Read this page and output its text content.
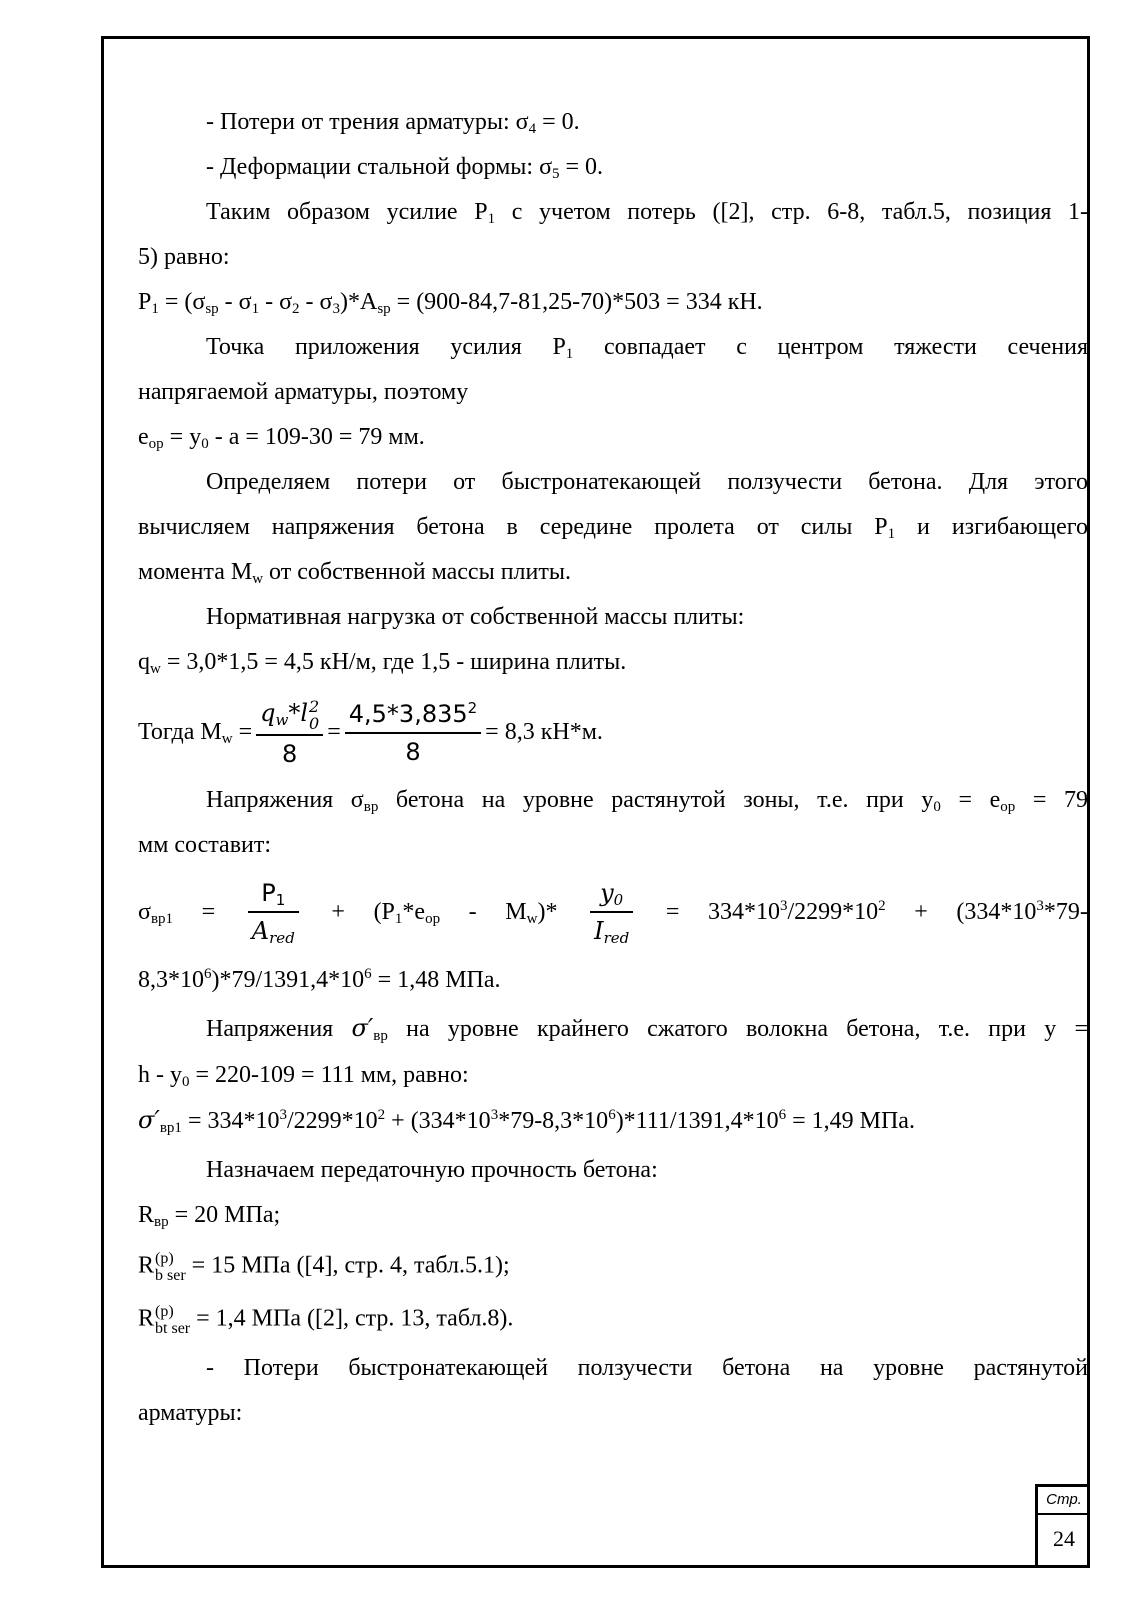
- Потери от трения арматуры: $\sigma_4 = 0$.
- Деформации стальной формы: $\sigma_5 = 0$.
Таким образом усилие $P_1$ с учетом потерь ([2], стр. 6-8, табл.5, позиция 1-
5) равно:
$P_1 = (\sigma_{sp} - \sigma_1 - \sigma_2 - \sigma_3)*A_{sp} = (900-84,7-81,25-70)*503 = 334$ кН.
Точка приложения усилия $P_1$ совпадает с центром тяжести сечения
напрягаемой арматуры, поэтому
$e_{op} = y_0 - a = 109-30 = 79$ мм.
Определяем потери от быстронатекающей ползучести бетона. Для этого
вычисляем напряжения бетона в середине пролета от силы $P_1$ и изгибающего
момента $M_w$ от собственной массы плиты.
Нормативная нагрузка от собственной массы плиты:
$q_w = 3,0*1,5 = 4,5$ кН/м, где 1,5 - ширина плиты.
Тогда $M_w = q_w*l$ 2
0
$8 = \frac{4,5*3,835^2}{8} = 8,3$ кН*м.
Напряжения $\sigma_{вр}$ бетона на уровне растянутой зоны, т.е. при $y_0 = e_{op} = 79$
мм составит:
$\sigma_{вр1} = \frac{P_1}{A_{red}} + (P_1*e_{op} - M_w)* \frac{y_0}{I_{red}} = 334*10^3/2299*10^2 + (334*10^3*79-$
$8,3*10^6)*79/1391,4*10^6 = 1,48$ МПа.
Напряжения $\sigma'_{вр}$ на уровне крайнего сжатого волокна бетона, т.е. при y =
$h - y_0 = 220-109 = 111$ мм, равно:
$\sigma'_{вр1} = 334*10^3/2299*10^2 + (334*10^3*79-8,3*10^6)*111/1391,4*10^6 = 1,49$ МПа.
Назначаем передаточную прочность бетона:
$R_{вр} = 20$ МПа;
R (p)
b ser = 15 МПа ([4], стр. 4, табл.5.1);
R (p)
bt ser = 1,4 МПа ([2], стр. 13, табл.8).
- Потери быстронатекающей ползучести бетона на уровне растянутой
арматуры:
Стр.
24
